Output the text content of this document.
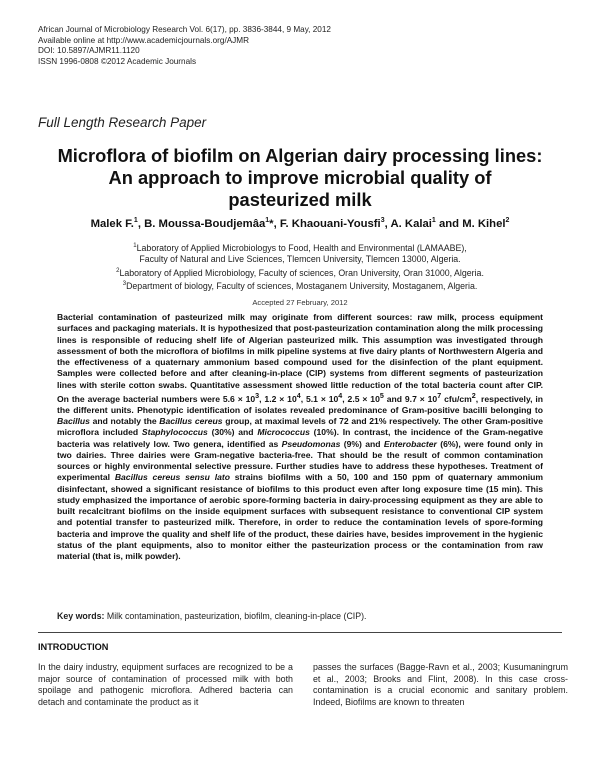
African Journal of Microbiology Research Vol. 6(17), pp. 3836-3844, 9 May, 2012
Available online at http://www.academicjournals.org/AJMR
DOI: 10.5897/AJMR11.1120
ISSN 1996-0808 ©2012 Academic Journals
Full Length Research Paper
Microflora of biofilm on Algerian dairy processing lines:
An approach to improve microbial quality of
pasteurized milk
Malek F.$^1$, B. Moussa-Boudjemâa$^1$*, F. Khaouani-Yousfi$^3$, A. Kalai$^1$ and M. Kihel$^2$
$^1$Laboratory of Applied Microbiologys to Food, Health and Environmental (LAMAABE),
Faculty of Natural and Live Sciences, Tlemcen University, Tlemcen 13000, Algeria.
$^2$Laboratory of Applied Microbiology, Faculty of sciences, Oran University, Oran 31000, Algeria.
$^3$Department of biology, Faculty of sciences, Mostaganem University, Mostaganem, Algeria.
Accepted 27 February, 2012

Bacterial contamination of pasteurized milk may originate from different sources: raw milk, process equipment surfaces and packaging materials. It is hypothesized that post-pasteurization contamination along the milk processing lines is responsible of reducing shelf life of Algerian pasteurized milk. This assumption was investigated through assessment of both the microflora of biofilms in milk pipeline systems at five dairy plants of Northwestern Algeria and the effectiveness of a quaternary ammonium based compound used for the disinfection of the plant equipment. Samples were collected before and after cleaning-in-place (CIP) systems from different segments of pasteurization lines with sterile cotton swabs. Quantitative assessment showed little reduction of the total bacteria count after CIP. On the average bacterial numbers were $5.6 \times 10^3$, $1.2 \times 10^4$, $5.1 \times 10^4$, $2.5 \times 10^5$ and $9.7 \times 10^7$ cfu/$cm^2$, respectively, in the different units. Phenotypic identification of isolates revealed predominance of Gram-positive bacilli belonging to Bacillus and notably the Bacillus cereus group, at maximal levels of 72 and 21% respectively. The other Gram-positive microflora included Staphylococcus (30%) and Micrococcus (10%). In contrast, the incidence of the Gram-negative bacteria was relatively low. Two genera, identified as Pseudomonas (9%) and Enterobacter (6%), were found only in two dairies. Three dairies were Gram-negative bacteria-free. That should be the result of common contamination sources or highly environmental selective pressure. Further studies have to address these hypotheses. Treatment of experimental Bacillus cereus sensu lato strains biofilms with a 50, 100 and 150 ppm of quaternary ammonium disinfectant, showed a significant resistance of biofilms to this product even after long exposure time (15 min). This study emphasized the importance of aerobic spore-forming bacteria in dairy-processing equipment as they are able to built recalcitrant biofilms on the inside equipment surfaces with subsequent resistance to conventional CIP system and potential transfer to pasteurized milk. Therefore, in order to reduce the contamination levels of spore-forming bacteria and improve the quality and shelf life of the product, these dairies have, besides improvement in the hygienic status of the plant equipments, also to monitor either the pasteurization process or the contamination from raw material (that is, milk powder).

Key words: Milk contamination, pasteurization, biofilm, cleaning-in-place (CIP).
INTRODUCTION
In the dairy industry, equipment surfaces are recognized to be a major source of contamination of processed milk with both spoilage and pathogenic microflora. Adhered bacteria can detach and contaminate the product as it
passes the surfaces (Bagge-Ravn et al., 2003; Kusumaningrum et al., 2003; Brooks and Flint, 2008). In this case cross-contamination is a crucial economic and sanitary problem. Indeed, Biofilms are known to threaten
